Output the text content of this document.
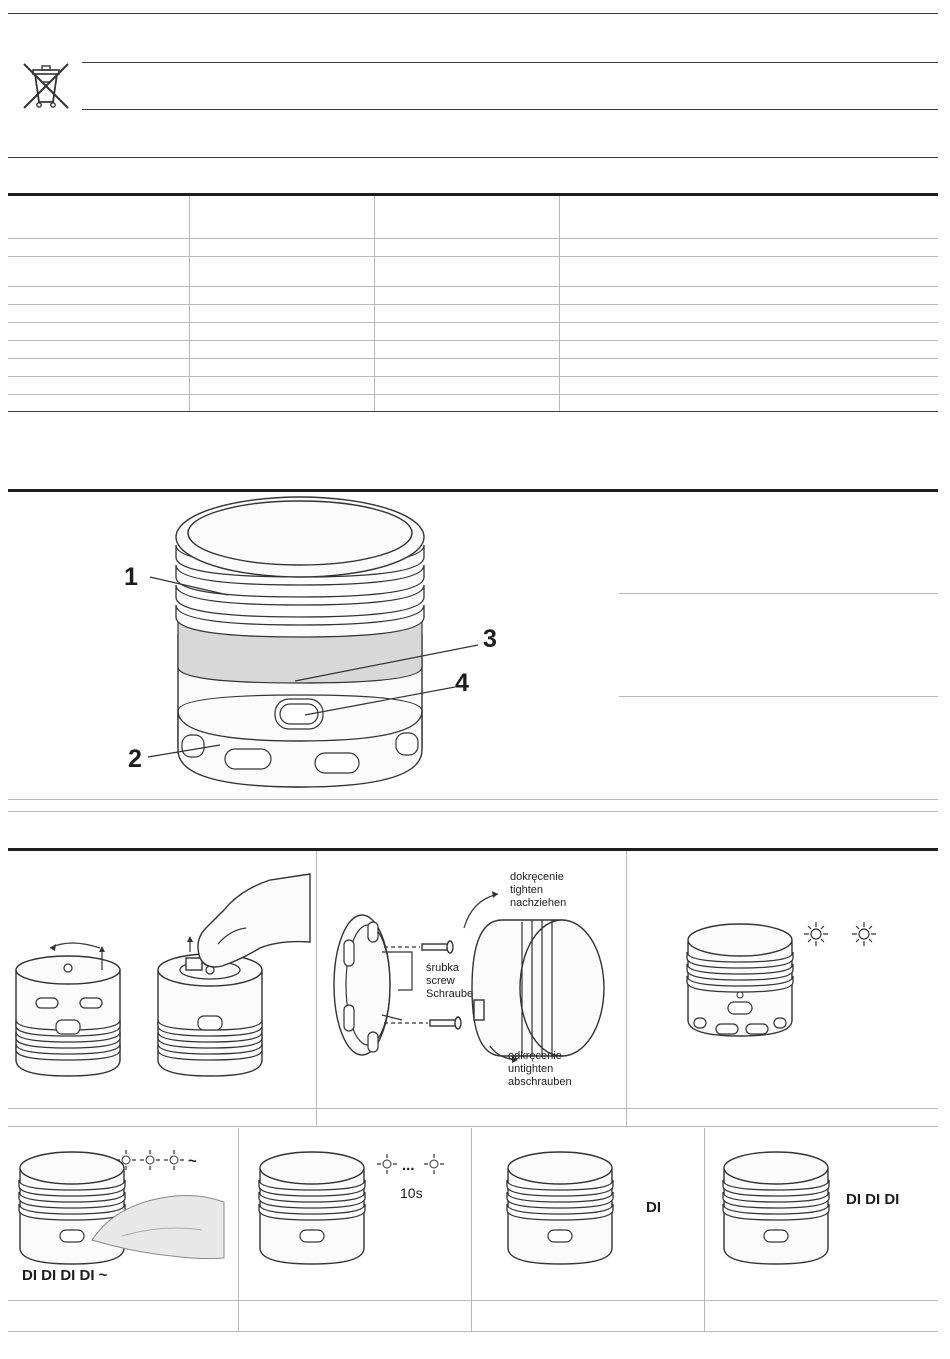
1
2
3
4
dokręcenie
tighten
nachziehen
śrubka
screw
Schraube
odkręcenie
untighten
abschrauben
~
DI DI DI DI ~
...
10s
DI	DI DI DI
